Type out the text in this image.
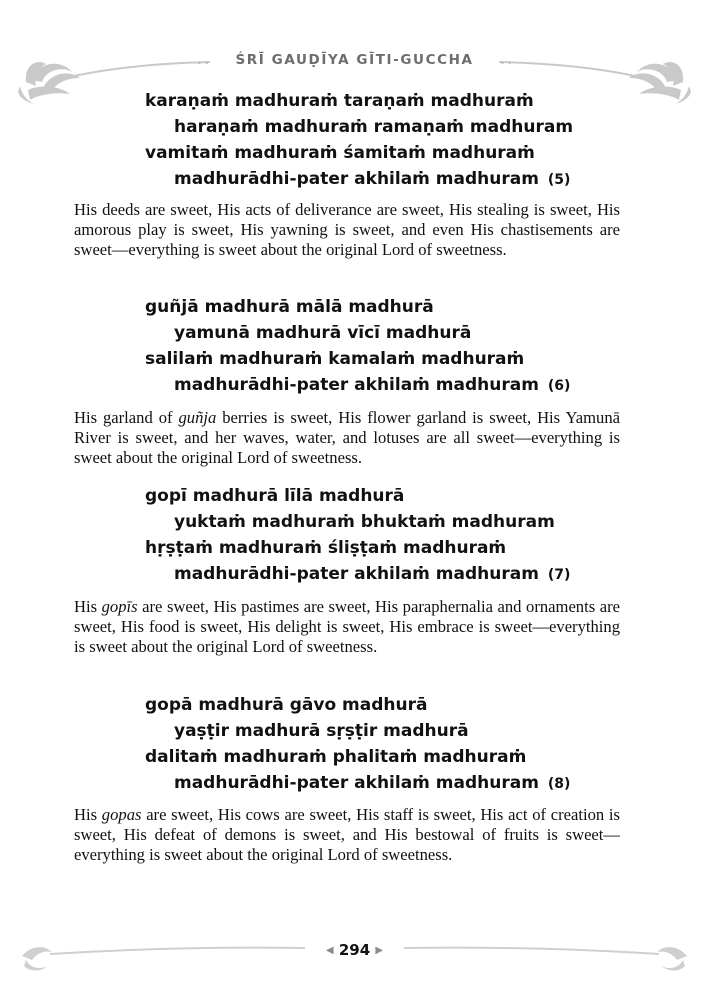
• •	• •
ŚRĪ GAUḌĪYA GĪTI-GUCCHA
karaṇaṁ madhuraṁ taraṇaṁ madhuraṁ
haraṇaṁ madhuraṁ ramaṇaṁ madhuram
vamitaṁ madhuraṁ śamitaṁ madhuraṁ
madhurādhi-pater akhilaṁ madhuram (5)
His deeds are sweet, His acts of deliverance are sweet, His stealing is sweet, His amorous play is sweet, His yawning is sweet, and even His chastisements are sweet—everything is sweet about the original Lord of sweetness.
guñjā madhurā mālā madhurā
yamunā madhurā vīcī madhurā
salilaṁ madhuraṁ kamalaṁ madhuraṁ
madhurādhi-pater akhilaṁ madhuram (6)
His garland of guñja berries is sweet, His flower garland is sweet, His Yamunā River is sweet, and her waves, water, and lotuses are all sweet—everything is sweet about the original Lord of sweetness.
gopī madhurā līlā madhurā
yuktaṁ madhuraṁ bhuktaṁ madhuram
hṛṣṭaṁ madhuraṁ śliṣṭaṁ madhuraṁ
madhurādhi-pater akhilaṁ madhuram (7)
His gopīs are sweet, His pastimes are sweet, His paraphernalia and ornaments are sweet, His food is sweet, His delight is sweet, His embrace is sweet—everything is sweet about the original Lord of sweetness.
gopā madhurā gāvo madhurā
yaṣṭir madhurā sṛṣṭir madhurā
dalitaṁ madhuraṁ phalitaṁ madhuraṁ
madhurādhi-pater akhilaṁ madhuram (8)
His gopas are sweet, His cows are sweet, His staff is sweet, His act of creation is sweet, His defeat of demons is sweet, and His bestowal of fruits is sweet—everything is sweet about the original Lord of sweetness.
◀ 294 ▶
